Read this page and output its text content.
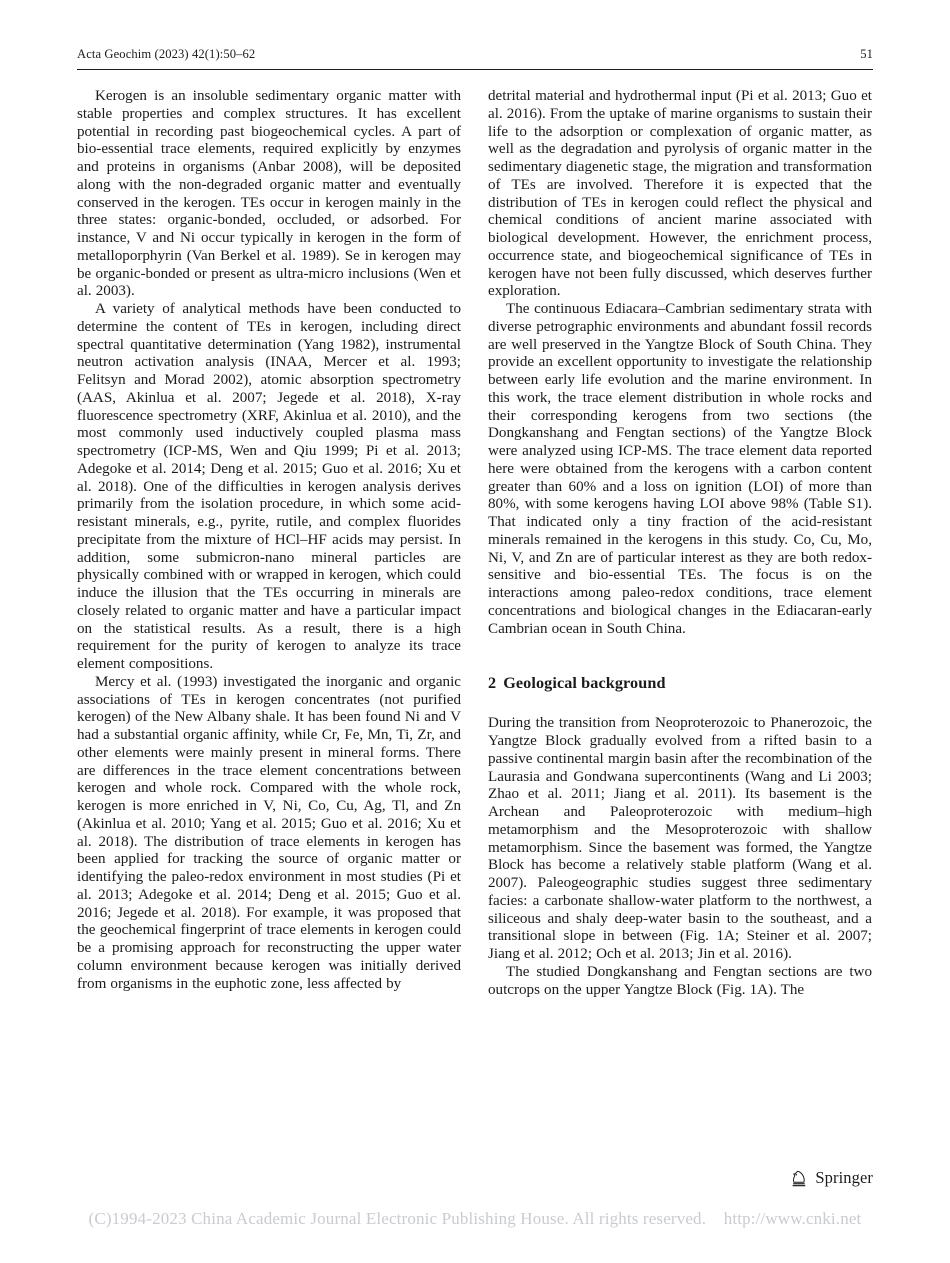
Acta Geochim (2023) 42(1):50–62	51

Kerogen is an insoluble sedimentary organic matter with stable properties and complex structures. It has excellent potential in recording past biogeochemical cycles. A part of bio-essential trace elements, required explicitly by enzymes and proteins in organisms (Anbar 2008), will be deposited along with the non-degraded organic matter and eventually conserved in the kerogen. TEs occur in kerogen mainly in the three states: organic-bonded, occluded, or adsorbed. For instance, V and Ni occur typically in kerogen in the form of metalloporphyrin (Van Berkel et al. 1989). Se in kerogen may be organic-bonded or present as ultra-micro inclusions (Wen et al. 2003).

A variety of analytical methods have been conducted to determine the content of TEs in kerogen, including direct spectral quantitative determination (Yang 1982), instrumental neutron activation analysis (INAA, Mercer et al. 1993; Felitsyn and Morad 2002), atomic absorption spectrometry (AAS, Akinlua et al. 2007; Jegede et al. 2018), X-ray fluorescence spectrometry (XRF, Akinlua et al. 2010), and the most commonly used inductively coupled plasma mass spectrometry (ICP-MS, Wen and Qiu 1999; Pi et al. 2013; Adegoke et al. 2014; Deng et al. 2015; Guo et al. 2016; Xu et al. 2018). One of the difficulties in kerogen analysis derives primarily from the isolation procedure, in which some acid-resistant minerals, e.g., pyrite, rutile, and complex fluorides precipitate from the mixture of HCl–HF acids may persist. In addition, some submicron-nano mineral particles are physically combined with or wrapped in kerogen, which could induce the illusion that the TEs occurring in minerals are closely related to organic matter and have a particular impact on the statistical results. As a result, there is a high requirement for the purity of kerogen to analyze its trace element compositions.

Mercy et al. (1993) investigated the inorganic and organic associations of TEs in kerogen concentrates (not purified kerogen) of the New Albany shale. It has been found Ni and V had a substantial organic affinity, while Cr, Fe, Mn, Ti, Zr, and other elements were mainly present in mineral forms. There are differences in the trace element concentrations between kerogen and whole rock. Compared with the whole rock, kerogen is more enriched in V, Ni, Co, Cu, Ag, Tl, and Zn (Akinlua et al. 2010; Yang et al. 2015; Guo et al. 2016; Xu et al. 2018). The distribution of trace elements in kerogen has been applied for tracking the source of organic matter or identifying the paleo-redox environment in most studies (Pi et al. 2013; Adegoke et al. 2014; Deng et al. 2015; Guo et al. 2016; Jegede et al. 2018). For example, it was proposed that the geochemical fingerprint of trace elements in kerogen could be a promising approach for reconstructing the upper water column environment because kerogen was initially derived from organisms in the euphotic zone, less affected by

detrital material and hydrothermal input (Pi et al. 2013; Guo et al. 2016). From the uptake of marine organisms to sustain their life to the adsorption or complexation of organic matter, as well as the degradation and pyrolysis of organic matter in the sedimentary diagenetic stage, the migration and transformation of TEs are involved. Therefore it is expected that the distribution of TEs in kerogen could reflect the physical and chemical conditions of ancient marine associated with biological development. However, the enrichment process, occurrence state, and biogeochemical significance of TEs in kerogen have not been fully discussed, which deserves further exploration.

The continuous Ediacara–Cambrian sedimentary strata with diverse petrographic environments and abundant fossil records are well preserved in the Yangtze Block of South China. They provide an excellent opportunity to investigate the relationship between early life evolution and the marine environment. In this work, the trace element distribution in whole rocks and their corresponding kerogens from two sections (the Dongkanshang and Fengtan sections) of the Yangtze Block were analyzed using ICP-MS. The trace element data reported here were obtained from the kerogens with a carbon content greater than 60% and a loss on ignition (LOI) of more than 80%, with some kerogens having LOI above 98% (Table S1). That indicated only a tiny fraction of the acid-resistant minerals remained in the kerogens in this study. Co, Cu, Mo, Ni, V, and Zn are of particular interest as they are both redox-sensitive and bio-essential TEs. The focus is on the interactions among paleo-redox conditions, trace element concentrations and biological changes in the Ediacaran-early Cambrian ocean in South China.

2 Geological background

During the transition from Neoproterozoic to Phanerozoic, the Yangtze Block gradually evolved from a rifted basin to a passive continental margin basin after the recombination of the Laurasia and Gondwana supercontinents (Wang and Li 2003; Zhao et al. 2011; Jiang et al. 2011). Its basement is the Archean and Paleoproterozoic with medium–high metamorphism and the Mesoproterozoic with shallow metamorphism. Since the basement was formed, the Yangtze Block has become a relatively stable platform (Wang et al. 2007). Paleogeographic studies suggest three sedimentary facies: a carbonate shallow-water platform to the northwest, a siliceous and shaly deep-water basin to the southeast, and a transitional slope in between (Fig. 1A; Steiner et al. 2007; Jiang et al. 2012; Och et al. 2013; Jin et al. 2016).

The studied Dongkanshang and Fengtan sections are two outcrops on the upper Yangtze Block (Fig. 1A). The

Springer
(C)1994-2023 China Academic Journal Electronic Publishing House. All rights reserved.    http://www.cnki.net
